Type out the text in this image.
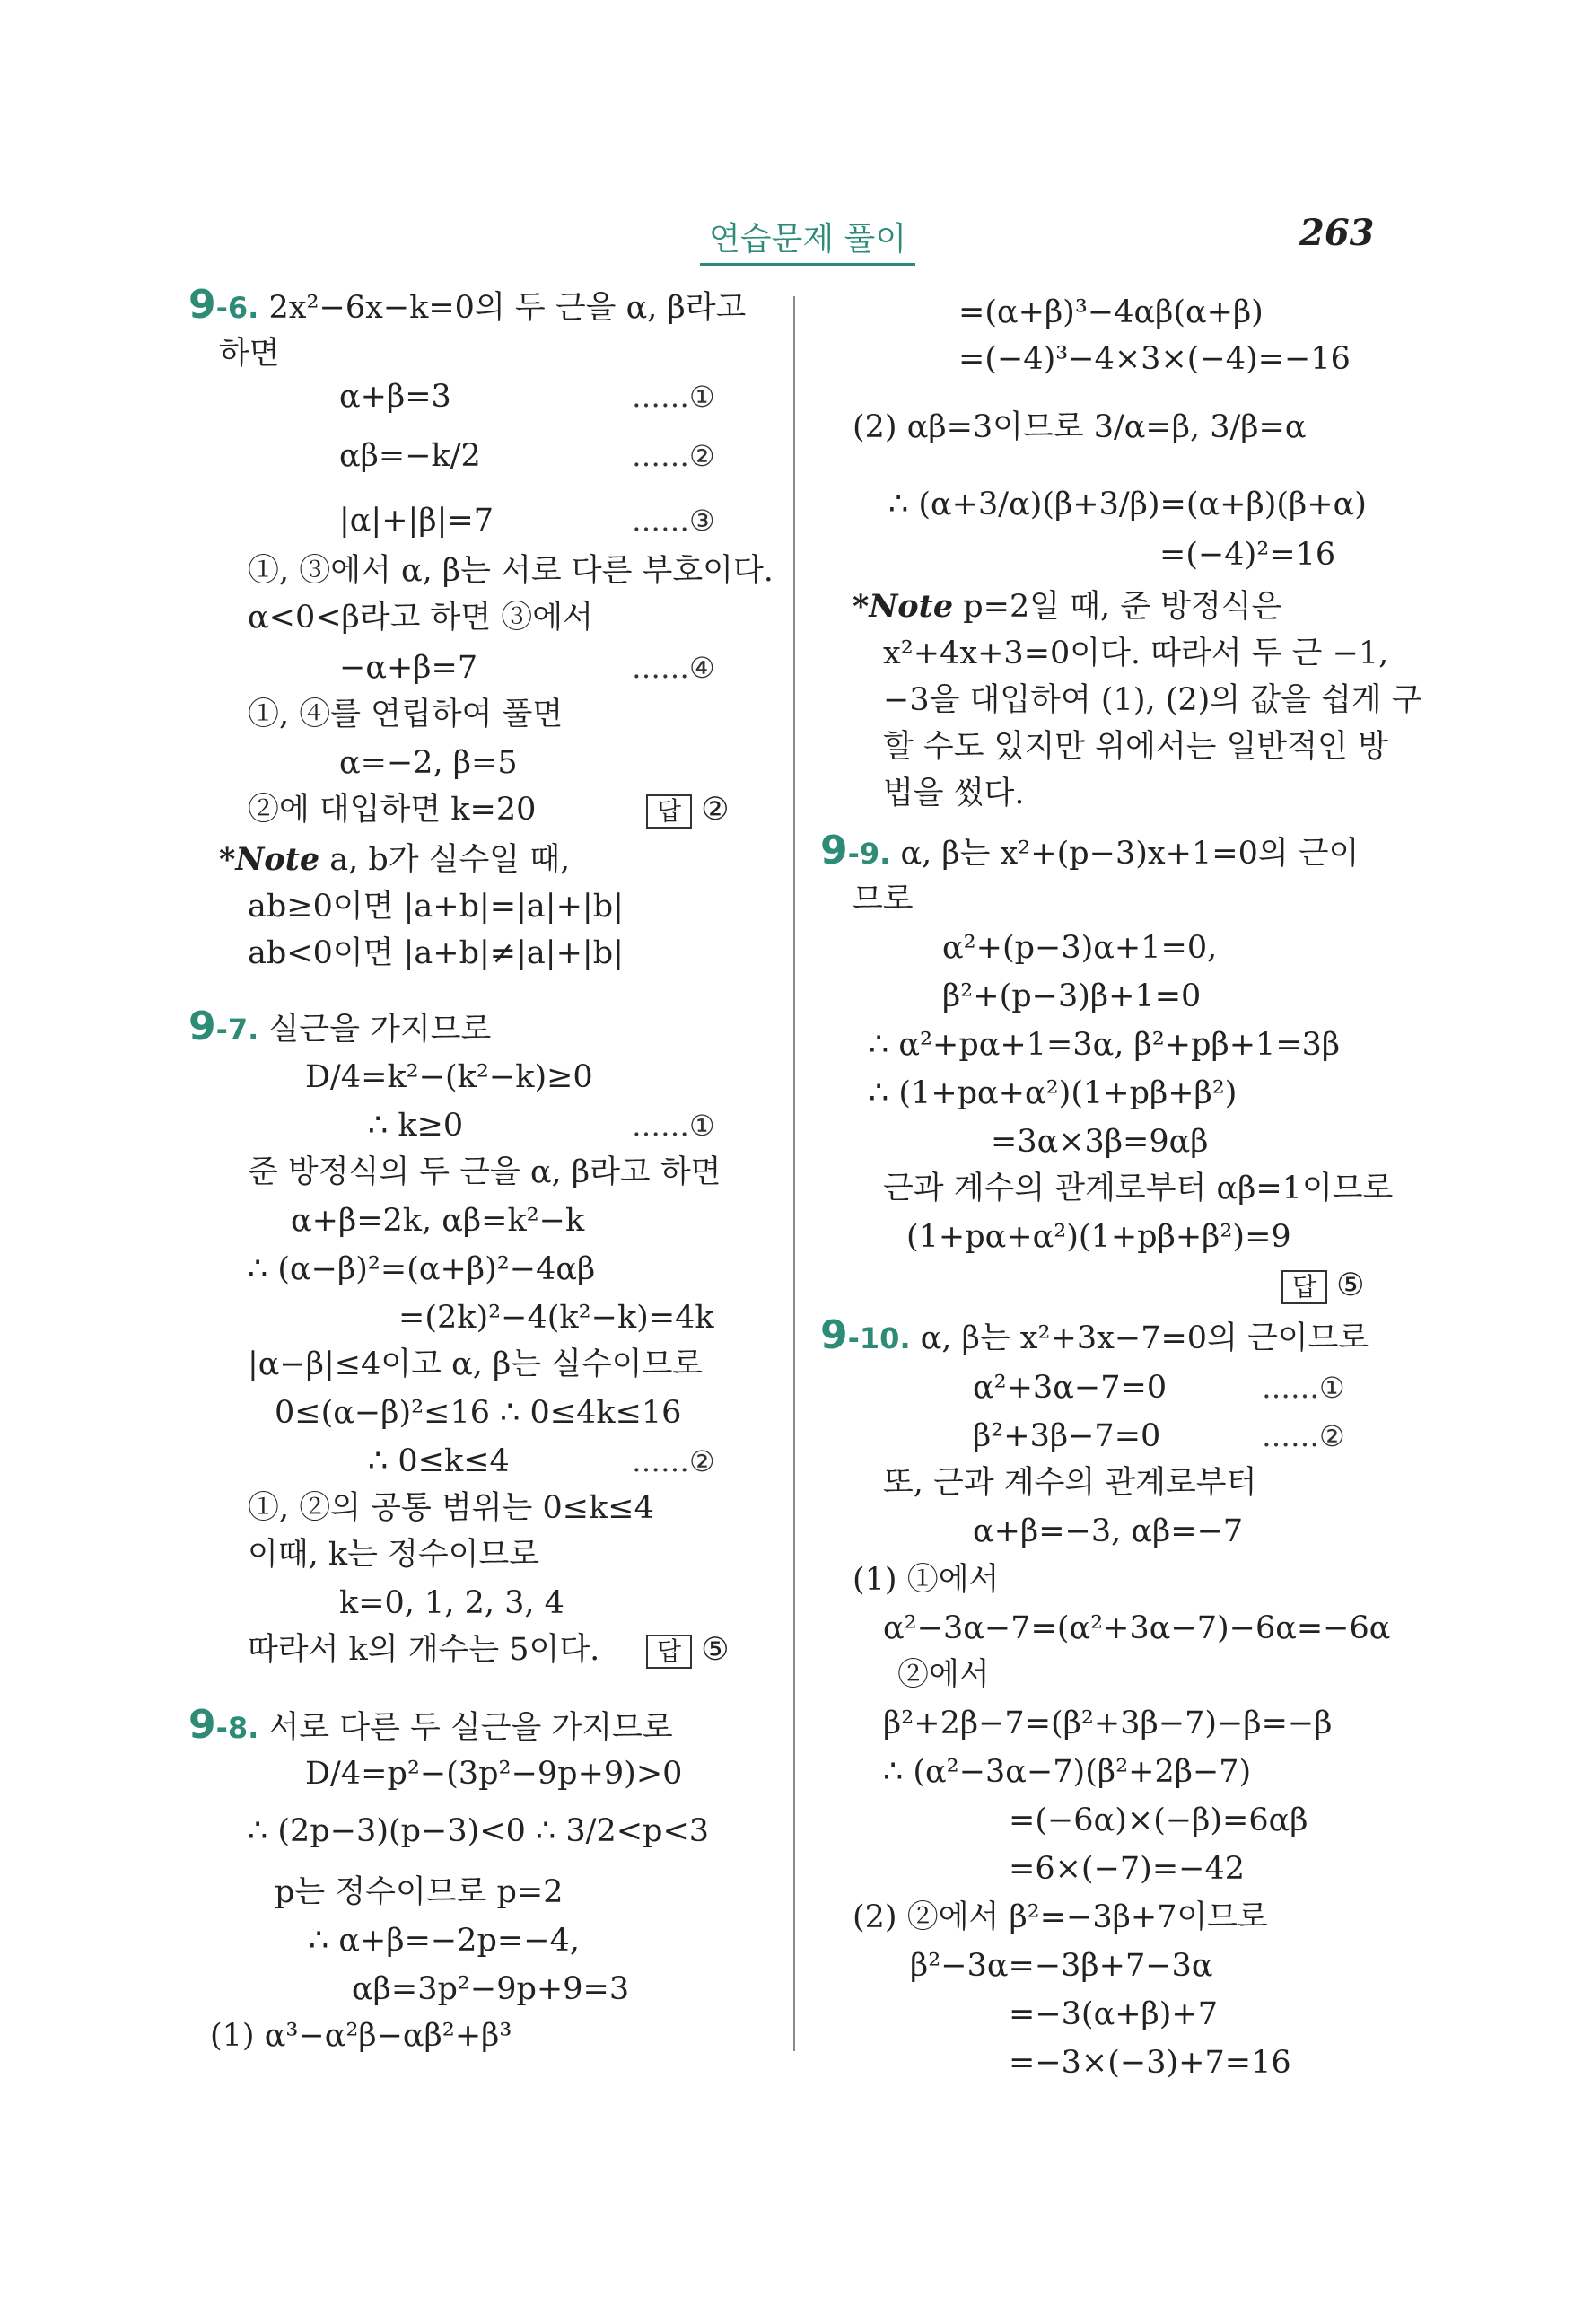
연습문제 풀이	263
9-6. 2x²−6x−k=0의 두 근을 α, β라고
하면
α+β=3	……①
αβ=−k/2	……②
|α|+|β|=7	……③
①, ③에서 α, β는 서로 다른 부호이다.
α<0<β라고 하면 ③에서
−α+β=7	……④
①, ④를 연립하여 풀면
α=−2, β=5
②에 대입하면 k=20	답 ②
*Note a, b가 실수일 때,
ab≥0이면 |a+b|=|a|+|b|
ab<0이면 |a+b|≠|a|+|b|
9-7. 실근을 가지므로
D/4=k²−(k²−k)≥0
∴ k≥0	……①
준 방정식의 두 근을 α, β라고 하면
α+β=2k, αβ=k²−k
∴ (α−β)²=(α+β)²−4αβ
=(2k)²−4(k²−k)=4k
|α−β|≤4이고 α, β는 실수이므로
0≤(α−β)²≤16 ∴ 0≤4k≤16
∴ 0≤k≤4	……②
①, ②의 공통 범위는 0≤k≤4
이때, k는 정수이므로
k=0, 1, 2, 3, 4
따라서 k의 개수는 5이다.	답 ⑤
9-8. 서로 다른 두 실근을 가지므로
D/4=p²−(3p²−9p+9)>0
∴ (2p−3)(p−3)<0 ∴ 3/2<p<3
p는 정수이므로 p=2
∴ α+β=−2p=−4,
αβ=3p²−9p+9=3
(1) α³−α²β−αβ²+β³
=(α+β)³−4αβ(α+β)
=(−4)³−4×3×(−4)=−16
(2) αβ=3이므로 3/α=β, 3/β=α
∴ (α+3/α)(β+3/β)=(α+β)(β+α)
=(−4)²=16
*Note p=2일 때, 준 방정식은
x²+4x+3=0이다. 따라서 두 근 −1,
−3을 대입하여 (1), (2)의 값을 쉽게 구
할 수도 있지만 위에서는 일반적인 방
법을 썼다.
9-9. α, β는 x²+(p−3)x+1=0의 근이
므로
α²+(p−3)α+1=0,
β²+(p−3)β+1=0
∴ α²+pα+1=3α, β²+pβ+1=3β
∴ (1+pα+α²)(1+pβ+β²)
=3α×3β=9αβ
근과 계수의 관계로부터 αβ=1이므로
(1+pα+α²)(1+pβ+β²)=9
답 ⑤
9-10. α, β는 x²+3x−7=0의 근이므로
α²+3α−7=0	……①
β²+3β−7=0	……②
또, 근과 계수의 관계로부터
α+β=−3, αβ=−7
(1) ①에서
α²−3α−7=(α²+3α−7)−6α=−6α
②에서
β²+2β−7=(β²+3β−7)−β=−β
∴ (α²−3α−7)(β²+2β−7)
=(−6α)×(−β)=6αβ
=6×(−7)=−42
(2) ②에서 β²=−3β+7이므로
β²−3α=−3β+7−3α
=−3(α+β)+7
=−3×(−3)+7=16
